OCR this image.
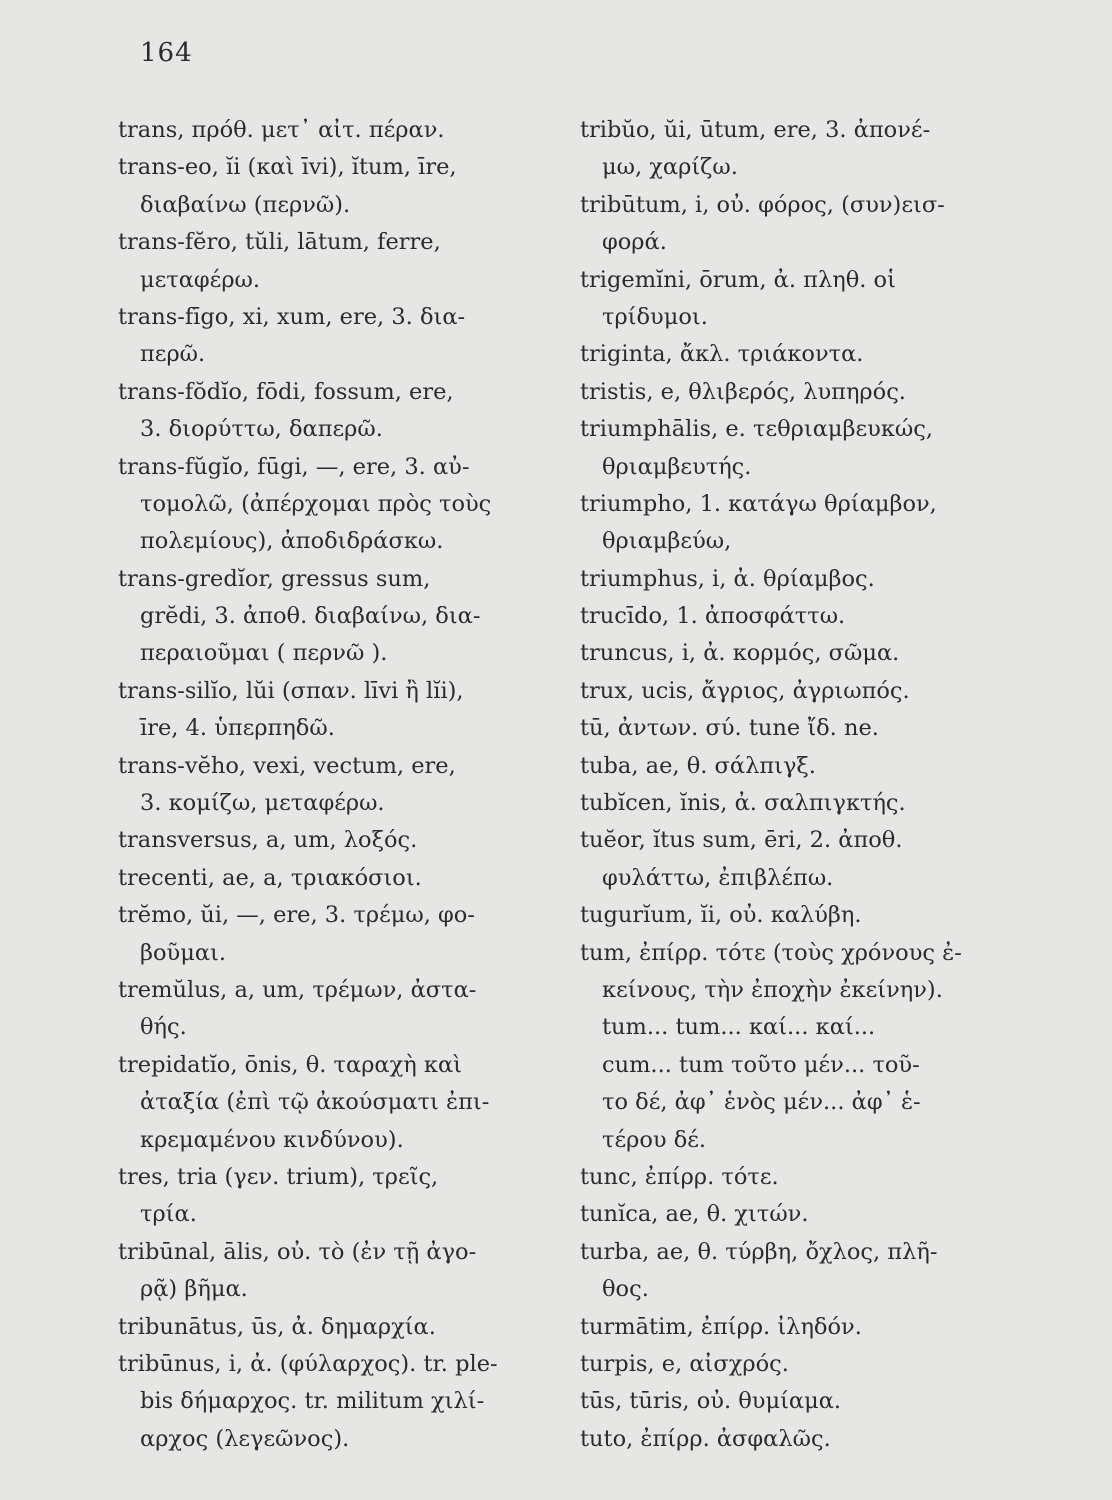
164
trans, πρόθ. μετ᾽ αἰτ. πέραν.
trans-eo, ĭi (καὶ īvi), ĭtum, īre,
διαβαίνω (περνῶ).
trans-fĕro, tŭli, lātum, ferre,
μεταφέρω.
trans-fīgo, xi, xum, ere, 3. δια-
περῶ.
trans-fŏdĭo, fōdi, fossum, ere,
3. διορύττω, δαπερῶ.
trans-fŭgĭo, fūgi, —, ere, 3. αὐ-
τομολῶ, (ἀπέρχομαι πρὸς τοὺς
πολεμίους), ἀποδιδράσκω.
trans-gredĭor, gressus sum,
grĕdi, 3. ἀποθ. διαβαίνω, δια-
περαιοῦμαι ( περνῶ ).
trans-silĭo, lŭi (σπαν. līvi ἢ lĭi),
īre, 4. ὑπερπηδῶ.
trans-vĕho, vexi, vectum, ere,
3. κομίζω, μεταφέρω.
transversus, a, um, λοξός.
trecenti, ae, a, τριακόσιοι.
trĕmo, ŭi, —, ere, 3. τρέμω, φο-
βοῦμαι.
tremŭlus, a, um, τρέμων, ἀστα-
θής.
trepidatĭo, ōnis, θ. ταραχὴ καὶ
ἀταξία (ἐπὶ τῷ ἀκούσματι ἐπι-
κρεμαμένου κινδύνου).
tres, tria (γεν. trium), τρεῖς,
τρία.
tribūnal, ālis, οὐ. τὸ (ἐν τῇ ἀγο-
ρᾷ) βῆμα.
tribunātus, ūs, ἀ. δημαρχία.
tribūnus, i, ἀ. (φύλαρχος). tr. ple-
bis δήμαρχος. tr. militum χιλί-
αρχος (λεγεῶνος).
tribŭo, ŭi, ūtum, ere, 3. ἀπονέ-
μω, χαρίζω.
tribūtum, i, οὐ. φόρος, (συν)εισ-
φορά.
trigemĭni, ōrum, ἀ. πληθ. οἱ
τρίδυμοι.
triginta, ἄκλ. τριάκοντα.
tristis, e, θλιβερός, λυπηρός.
triumphālis, e. τεθριαμβευκώς,
θριαμβευτής.
triumpho, 1. κατάγω θρίαμβον,
θριαμβεύω,
triumphus, i, ἀ. θρίαμβος.
trucīdo, 1. ἀποσφάττω.
truncus, i, ἀ. κορμός, σῶμα.
trux, ucis, ἄγριος, ἀγριωπός.
tū, ἀντων. σύ. tune ἴδ. ne.
tuba, ae, θ. σάλπιγξ.
tubĭcen, ĭnis, ἀ. σαλπιγκτής.
tuĕor, ĭtus sum, ēri, 2. ἀποθ.
φυλάττω, ἐπιβλέπω.
tugurĭum, ĭi, οὐ. καλύβη.
tum, ἐπίρρ. τότε (τοὺς χρόνους ἐ-
κείνους, τὴν ἐποχὴν ἐκείνην).
tum... tum... καί... καί...
cum... tum τοῦτο μέν... τοῦ-
το δέ, ἀφ᾽ ἑνὸς μέν... ἀφ᾽ ἑ-
τέρου δέ.
tunc, ἐπίρρ. τότε.
tunĭca, ae, θ. χιτών.
turba, ae, θ. τύρβη, ὄχλος, πλῆ-
θος.
turmātim, ἐπίρρ. ἰληδόν.
turpis, e, αἰσχρός.
tūs, tūris, οὐ. θυμίαμα.
tuto, ἐπίρρ. ἀσφαλῶς.
